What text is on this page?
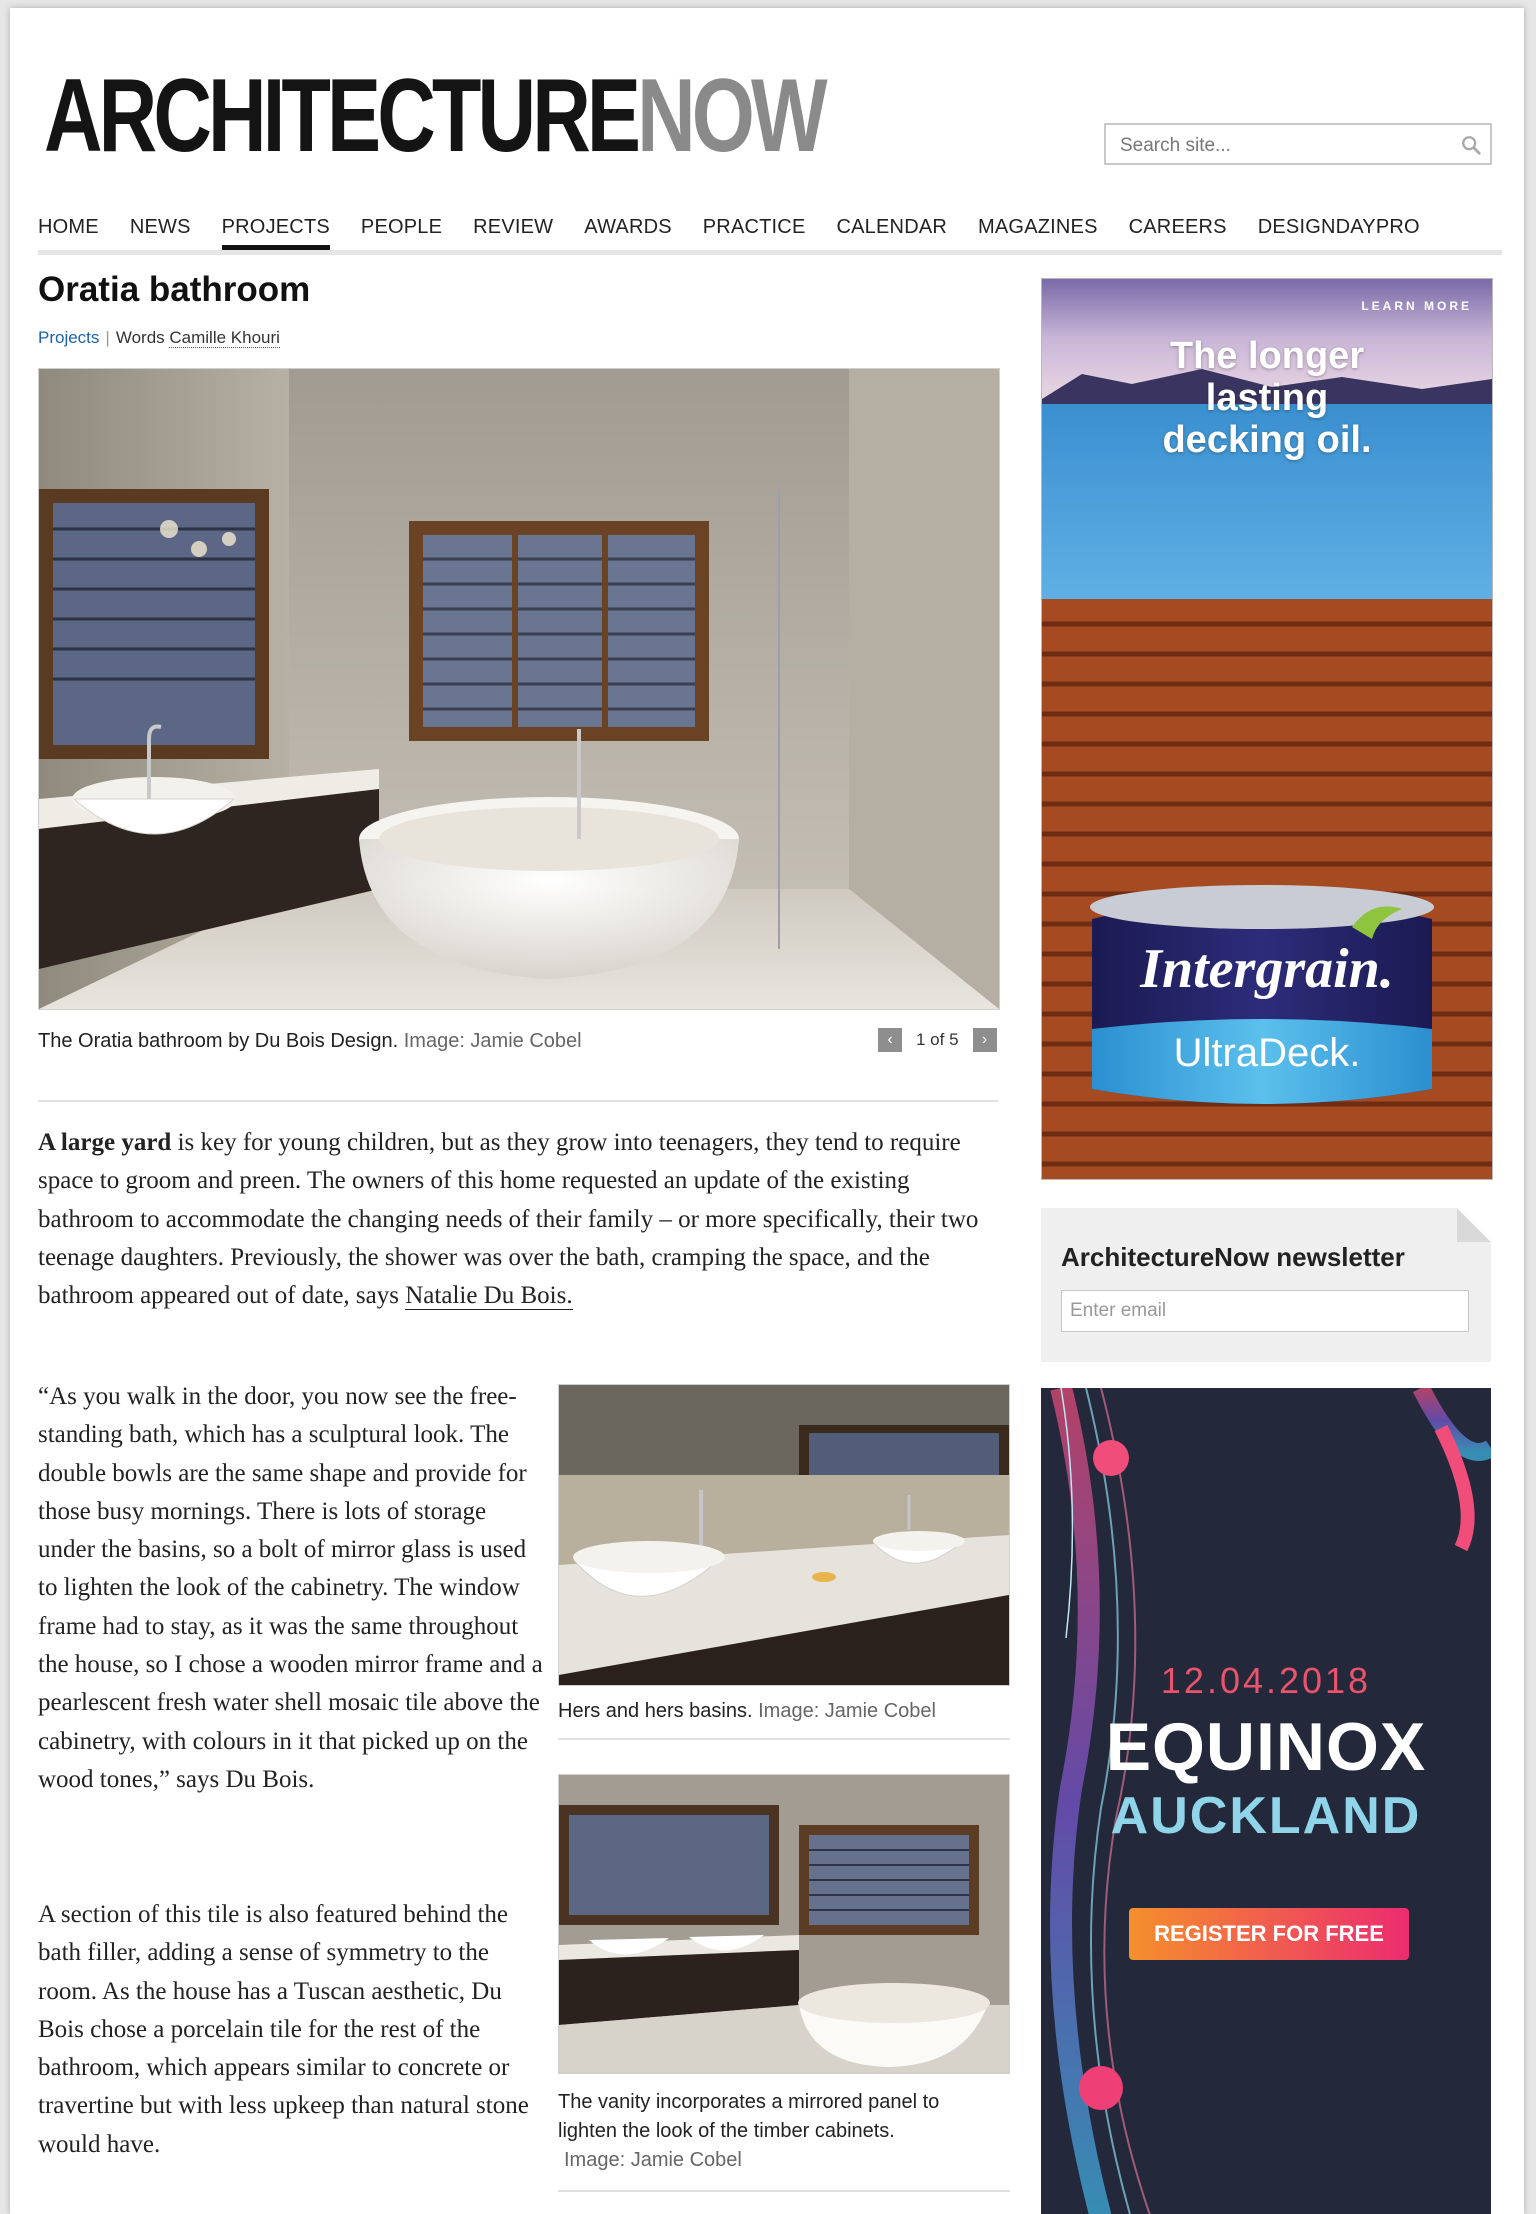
ARCHITECTURENOW
Search site...
HOME NEWS PROJECTS PEOPLE REVIEW AWARDS PRACTICE CALENDAR MAGAZINES CAREERS DESIGNDAYPRO
Oratia bathroom
Projects | Words Camille Khouri
The Oratia bathroom by Du Bois Design. Image: Jamie Cobel	‹	1 of 5	›

A large yard is key for young children, but as they grow into teenagers, they tend to require space to groom and preen. The owners of this home requested an update of the existing bathroom to accommodate the changing needs of their family – or more specifically, their two teenage daughters. Previously, the shower was over the bath, cramping the space, and the bathroom appeared out of date, says Natalie Du Bois.

“As you walk in the door, you now see the free-standing bath, which has a sculptural look. The double bowls are the same shape and provide for those busy mornings. There is lots of storage under the basins, so a bolt of mirror glass is used to lighten the look of the cabinetry. The window frame had to stay, as it was the same throughout the house, so I chose a wooden mirror frame and a pearlescent fresh water shell mosaic tile above the cabinetry, with colours in it that picked up on the wood tones,” says Du Bois.

A section of this tile is also featured behind the bath filler, adding a sense of symmetry to the room. As the house has a Tuscan aesthetic, Du Bois chose a porcelain tile for the rest of the bathroom, which appears similar to concrete or travertine but with less upkeep than natural stone would have.

Hers and hers basins. Image: Jamie Cobel
The vanity incorporates a mirrored panel to lighten the look of the timber cabinets.
Image: Jamie Cobel
LEARN MORE
The longer
lasting
decking oil.
Intergrain.
UltraDeck.
ArchitectureNow newsletter
Enter email
12.04.2018
EQUINOX
AUCKLAND
REGISTER FOR FREE
